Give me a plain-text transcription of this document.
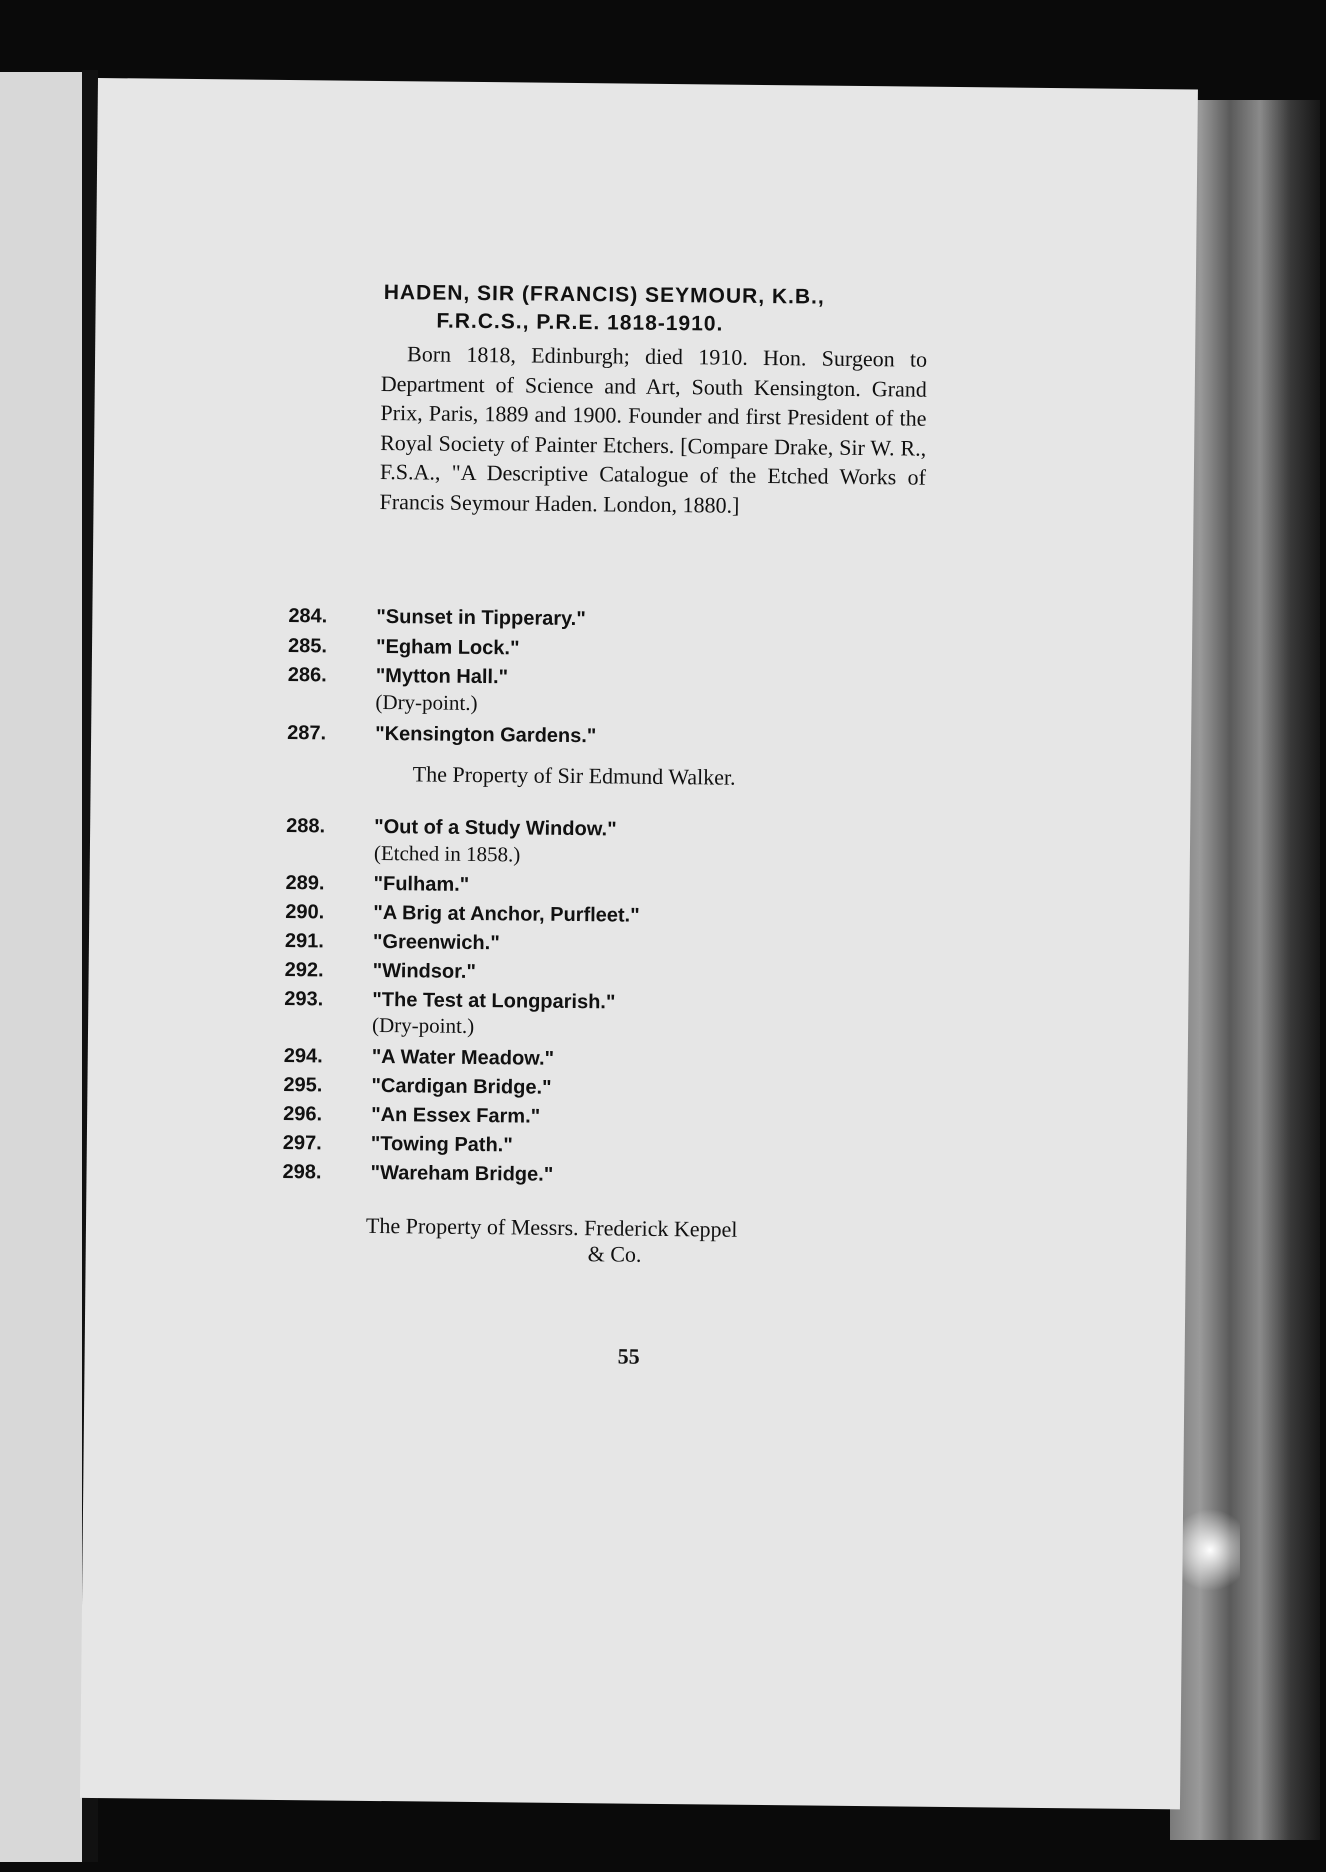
HADEN, SIR (FRANCIS) SEYMOUR, K.B.,
F.R.C.S., P.R.E. 1818-1910.
Born 1818, Edinburgh; died 1910. Hon. Surgeon to Department of Science and Art, South Kensington. Grand Prix, Paris, 1889 and 1900. Founder and first President of the Royal Society of Painter Etchers. [Compare Drake, Sir W. R., F.S.A., "A Descriptive Catalogue of the Etched Works of Francis Seymour Haden. London, 1880.]
284. "Sunset in Tipperary."
285. "Egham Lock."
286. "Mytton Hall."
(Dry-point.)
287. "Kensington Gardens."
The Property of Sir Edmund Walker.
288. "Out of a Study Window."
(Etched in 1858.)
289. "Fulham."
290. "A Brig at Anchor, Purfleet."
291. "Greenwich."
292. "Windsor."
293. "The Test at Longparish."
(Dry-point.)
294. "A Water Meadow."
295. "Cardigan Bridge."
296. "An Essex Farm."
297. "Towing Path."
298. "Wareham Bridge."
The Property of Messrs. Frederick Keppel
& Co.
55
